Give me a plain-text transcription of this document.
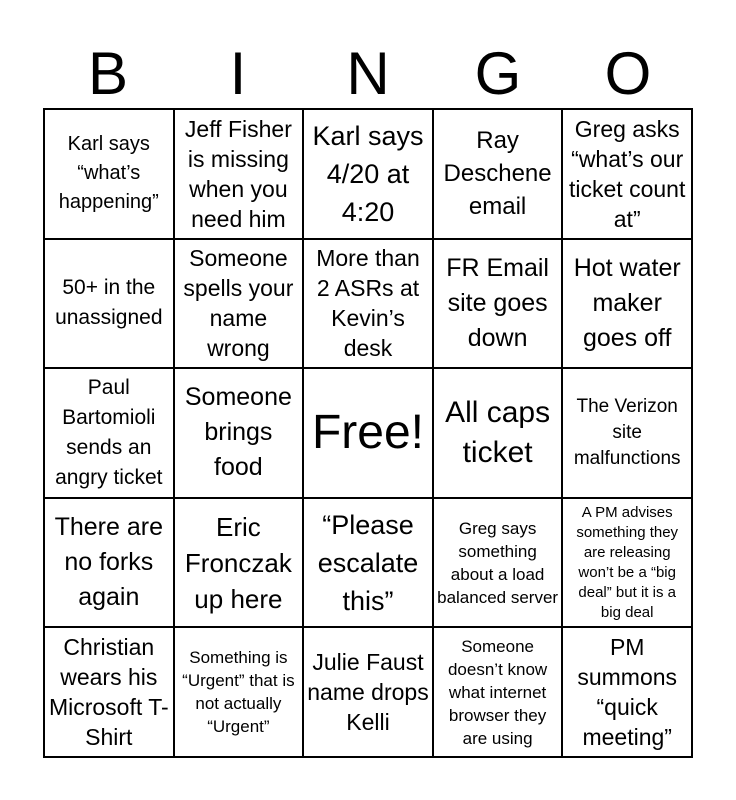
B	I	N	G	O
Karl says “what’s happening”
Jeff Fisher is missing when you need him
Karl says 4/20 at 4:20
Ray Deschene email
Greg asks “what’s our ticket count at”
50+ in the unassigned
Someone spells your name wrong
More than 2 ASRs at Kevin’s desk
FR Email site goes down
Hot water maker goes off
Paul Bartomioli sends an angry ticket
Someone brings food
Free! All caps ticket
The Verizon site malfunctions
There are no forks again
Eric Fronczak up here
“Please escalate this”
Greg says something about a load balanced server
A PM advises something they are releasing won’t be a “big deal” but it is a big deal
Christian wears his Microsoft T-Shirt
Something is “Urgent” that is not actually “Urgent”
Julie Faust name drops Kelli
Someone doesn’t know what internet browser they are using
PM summons “quick meeting”
